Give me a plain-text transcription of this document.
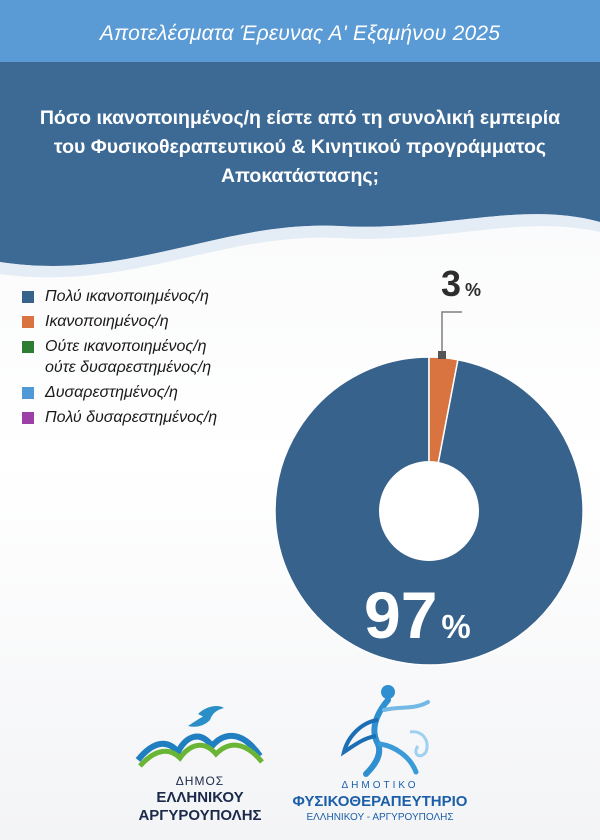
Αποτελέσματα Έρευνας Α' Εξαμήνου 2025
Πόσο ικανοποιημένος/η είστε από τη συνολική εμπειρία
του Φυσικοθεραπευτικού & Κινητικού προγράμματος
Αποκατάστασης;
Πολύ ικανοποιημένος/η
Ικανοποιημένος/η
Ούτε ικανοποιημένος/η
ούτε δυσαρεστημένος/η
Δυσαρεστημένος/η
Πολύ δυσαρεστημένος/η
97 %
3 %
ΔΗΜΟΣ
ΕΛΛΗΝΙΚΟΥ
ΑΡΓΥΡΟΥΠΟΛΗΣ
ΔΗΜΟΤΙΚΟ
ΦΥΣΙΚΟΘΕΡΑΠΕΥΤΗΡΙΟ
ΕΛΛΗΝΙΚΟΥ - ΑΡΓΥΡΟΥΠΟΛΗΣ
